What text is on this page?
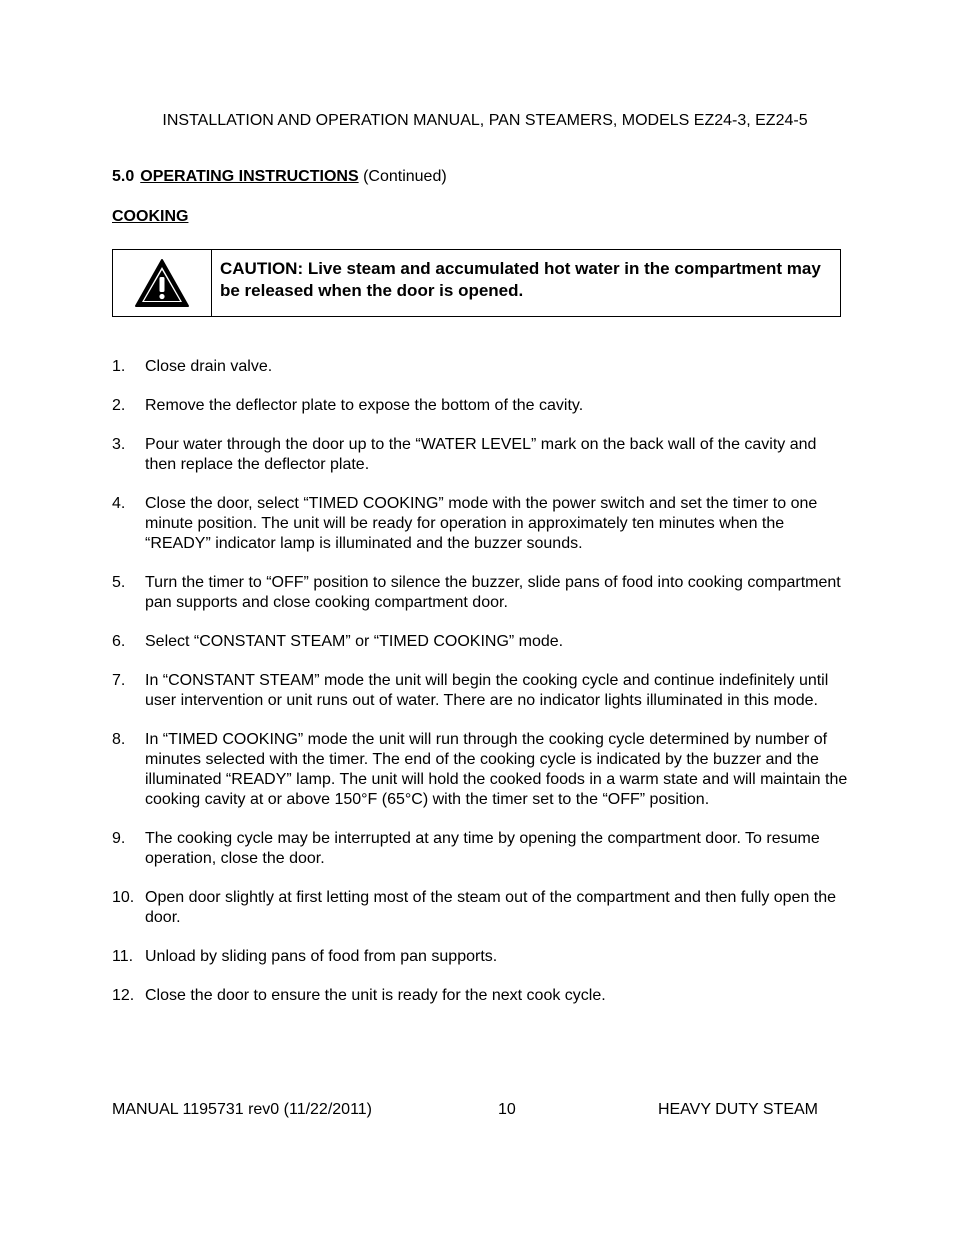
INSTALLATION AND OPERATION MANUAL, PAN STEAMERS, MODELS EZ24-3, EZ24-5
5.0 OPERATING INSTRUCTIONS (Continued)
COOKING
CAUTION: Live steam and accumulated hot water in the compartment may be released when the door is opened.
1.	Close drain valve.
2.	Remove the deflector plate to expose the bottom of the cavity.
3.	Pour water through the door up to the “WATER LEVEL” mark on the back wall of the cavity and then replace the deflector plate.
4.	Close the door, select “TIMED COOKING” mode with the power switch and set the timer to one minute position. The unit will be ready for operation in approximately ten minutes when the “READY” indicator lamp is illuminated and the buzzer sounds.
5.	Turn the timer to “OFF” position to silence the buzzer, slide pans of food into cooking compartment pan supports and close cooking compartment door.
6.	Select “CONSTANT STEAM” or “TIMED COOKING” mode.
7.	In “CONSTANT STEAM” mode the unit will begin the cooking cycle and continue indefinitely until user intervention or unit runs out of water. There are no indicator lights illuminated in this mode.
8.	In “TIMED COOKING” mode the unit will run through the cooking cycle determined by number of minutes selected with the timer. The end of the cooking cycle is indicated by the buzzer and the illuminated “READY” lamp. The unit will hold the cooked foods in a warm state and will maintain the cooking cavity at or above 150°F (65°C) with the timer set to the “OFF” position.
9.	The cooking cycle may be interrupted at any time by opening the compartment door. To resume operation, close the door.
10. Open door slightly at first letting most of the steam out of the compartment and then fully open the door.
11. Unload by sliding pans of food from pan supports.
12. Close the door to ensure the unit is ready for the next cook cycle.
MANUAL 1195731 rev0 (11/22/2011)	10	HEAVY DUTY STEAM
